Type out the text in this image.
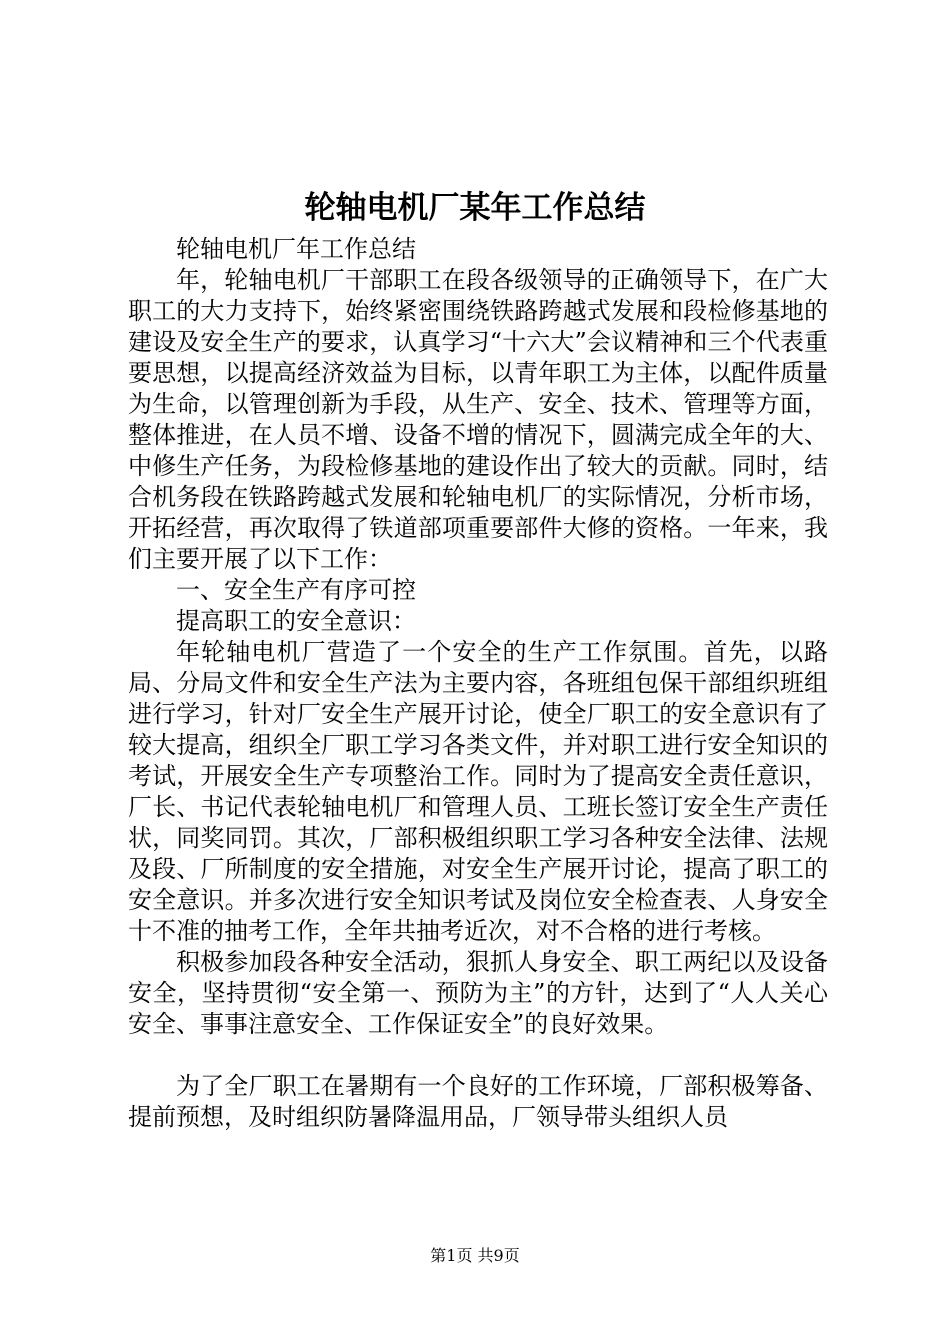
轮轴电机厂某年工作总结

轮轴电机厂年工作总结

年，轮轴电机厂干部职工在段各级领导的正确领导下，在广大职工的大力支持下，始终紧密围绕铁路跨越式发展和段检修基地的建设及安全生产的要求，认真学习“十六大”会议精神和三个代表重要思想，以提高经济效益为目标，以青年职工为主体，以配件质量为生命，以管理创新为手段，从生产、安全、技术、管理等方面，整体推进，在人员不增、设备不增的情况下，圆满完成全年的大、中修生产任务，为段检修基地的建设作出了较大的贡献。同时，结合机务段在铁路跨越式发展和轮轴电机厂的实际情况，分析市场，开拓经营，再次取得了铁道部项重要部件大修的资格。一年来，我们主要开展了以下工作：

一、安全生产有序可控

提高职工的安全意识：

年轮轴电机厂营造了一个安全的生产工作氛围。首先，以路局、分局文件和安全生产法为主要内容，各班组包保干部组织班组进行学习，针对厂安全生产展开讨论，使全厂职工的安全意识有了较大提高，组织全厂职工学习各类文件，并对职工进行安全知识的考试，开展安全生产专项整治工作。同时为了提高安全责任意识，厂长、书记代表轮轴电机厂和管理人员、工班长签订安全生产责任状，同奖同罚。其次，厂部积极组织职工学习各种安全法律、法规及段、厂所制度的安全措施，对安全生产展开讨论，提高了职工的安全意识。并多次进行安全知识考试及岗位安全检查表、人身安全十不准的抽考工作，全年共抽考近次，对不合格的进行考核。

积极参加段各种安全活动，狠抓人身安全、职工两纪以及设备安全，坚持贯彻“安全第一、预防为主”的方针，达到了“人人关心安全、事事注意安全、工作保证安全”的良好效果。

为了全厂职工在暑期有一个良好的工作环境，厂部积极筹备、提前预想，及时组织防暑降温用品，厂领导带头组织人员

第1页 共9页
